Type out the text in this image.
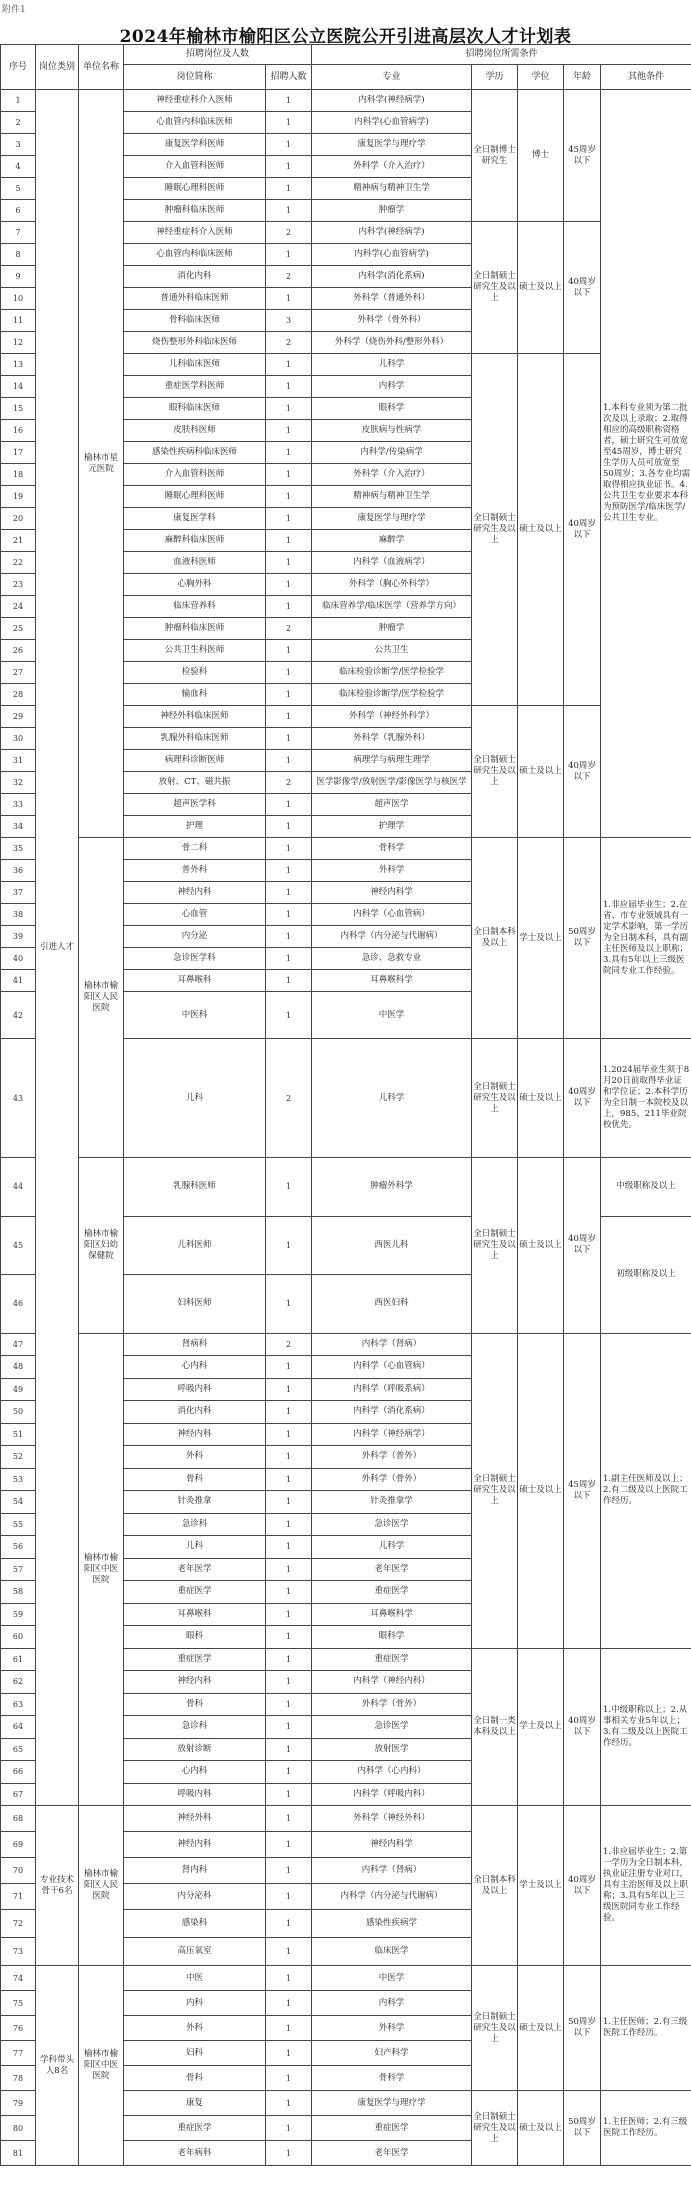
附件1
2024年榆林市榆阳区公立医院公开引进高层次人才计划表
序号	岗位类别	单位名称	招聘岗位及人数		招聘岗位所需条件				
			岗位简称	招聘人数	专业	学历	学位	年龄	其他条件
1	引进人才	榆林市星元医院	神经重症科介入医师	1	内科学(神经病学)	全日制博士研究生	博士	45周岁以下	1.本科专业须为第二批次及以上录取；2.取得相应的高级职称资格者，硕士研究生可放宽至45周岁，博士研究生学历人员可放宽至50周岁；3.各专业均需取得相应执业证书。4.公共卫生专业要求本科为预防医学/临床医学/公共卫生专业。
2			心血管内科临床医师	1	内科学(心血管病学)				
3			康复医学科医师	1	康复医学与理疗学				
4			介入血管科医师	1	外科学（介入治疗）				
5			睡眠心理科医师	1	精神病与精神卫生学				
6			肿瘤科临床医师	1	肿瘤学				
7			神经重症科介入医师	2	内科学(神经病学)	全日制硕士研究生及以上	硕士及以上	40周岁以下	
8			心血管内科临床医师	1	内科学(心血管病学)				
9			消化内科	2	内科学(消化系病)				
10			普通外科临床医师	1	外科学（普通外科）				
11			骨科临床医师	3	外科学（骨外科）				
12			烧伤整形外科临床医师	2	外科学（烧伤外科/整形外科）				
13			儿科临床医师	1	儿科学	全日制硕士研究生及以上	硕士及以上	40周岁以下	
14			重症医学科医师	1	内科学				
15			眼科临床医师	1	眼科学				
16			皮肤科医师	1	皮肤病与性病学				
17			感染性疾病科临床医师	1	内科学/传染病学				
18			介入血管科医师	1	外科学（介入治疗）				
19			睡眠心理科医师	1	精神病与精神卫生学				
20			康复医学科	1	康复医学与理疗学				
21			麻醉科临床医师	1	麻醉学				
22			血液科医师	1	内科学（血液病学）				
23			心胸外科	1	外科学（胸心外科学）				
24			临床营养科	1	临床营养学/临床医学（营养学方向）				
25			肿瘤科临床医师	2	肿瘤学				
26			公共卫生科医师	1	公共卫生				
27			检验科	1	临床检验诊断学/医学检验学				
28			输血科	1	临床检验诊断学/医学检验学				
29			神经外科临床医师	1	外科学（神经外科学）	全日制硕士研究生及以上	硕士及以上	40周岁以下	
30			乳腺外科临床医师	1	外科学（乳腺外科）				
31			病理科诊断医师	1	病理学与病理生理学				
32			放射、CT、磁共振	2	医学影像学/放射医学/影像医学与核医学				
33			超声医学科	1	超声医学				
34			护理	1	护理学				
35		榆林市榆阳区人民医院	骨二科	1	骨科学	全日制本科及以上	学士及以上	50周岁以下	1.非应届毕业生；2.在省、市专业领域具有一定学术影响，第一学历为全日制本科，具有副主任医师及以上职称；3.具有5年以上三级医院同专业工作经验。
36			普外科	1	外科学				
37			神经内科	1	神经内科学				
38			心血管	1	内科学（心血管病）				
39			内分泌	1	内科学（内分泌与代谢病）				
40			急诊医学科	1	急诊、急救专业				
41			耳鼻喉科	1	耳鼻喉科学				
42			中医科	1	中医学				
43			儿科	2	儿科学	全日制硕士研究生及以上	硕士及以上	40周岁以下	1.2024届毕业生须于8月20日前取得毕业证和学位证；2.本科学历为全日制一本院校及以上，985、211毕业院校优先。
44		榆林市榆阳区妇幼保健院	乳腺科医师	1	肿瘤外科学	全日制硕士研究生及以上	硕士及以上	40周岁以下	中级职称及以上
45			儿科医师	1	西医儿科				初级职称及以上
46			妇科医师	1	西医妇科				
47		榆林市榆阳区中医医院	肾病科	2	内科学（肾病）	全日制硕士研究生及以上	硕士及以上	45周岁以下	1.副主任医师及以上；2.有二级及以上医院工作经历。
48			心内科	1	内科学（心血管病）				
49			呼吸内科	1	内科学（呼吸系病）				
50			消化内科	1	内科学（消化系病）				
51			神经内科	1	内科学（神经病学）				
52			外科	1	外科学（普外）				
53			骨科	1	外科学（骨外）				
54			针灸推拿	1	针灸推拿学				
55			急诊科	1	急诊医学				
56			儿科	1	儿科学				
57			老年医学	1	老年医学				
58			重症医学	1	重症医学				
59			耳鼻喉科	1	耳鼻喉科学				
60			眼科	1	眼科学				
61			重症医学	1	重症医学	全日制一类本科及以上	学士及以上	40周岁以下	1.中级职称以上；2.从事相关专业5年以上；3.有二级及以上医院工作经历。
62			神经内科	1	内科学（神经内科）				
63			骨科	1	外科学（骨外）				
64			急诊科	1	急诊医学				
65			放射诊断	1	放射医学				
66			心内科	1	内科学（心内科）				
67			呼吸内科	1	内科学（呼吸内科）				
68	专业技术骨干6名	榆林市榆阳区人民医院	神经外科	1	外科学（神经外科）	全日制本科及以上	学士及以上	40周岁以下	1.非应届毕业生；2.第一学历为全日制本科，执业证注册专业对口，具有主治医师及以上职称；3.具有5年以上三级医院同专业工作经验。
69			神经内科	1	神经内科学				
70			肾内科	1	内科学（肾病）				
71			内分泌科	1	内科学（内分泌与代谢病）				
72			感染科	1	感染性疾病学				
73			高压氧室	1	临床医学				
74	学科带头人8名	榆林市榆阳区中医医院	中医	1	中医学	全日制硕士研究生及以上	硕士及以上	50周岁以下	1.主任医师；2.有三级医院工作经历。
75			内科	1	内科学				
76			外科	1	外科学				
77			妇科	1	妇产科学				
78			骨科	1	骨科学				
79			康复	1	康复医学与理疗学	全日制硕士研究生及以上	硕士及以上	50周岁以下	1.主任医师；2.有三级医院工作经历。
80			重症医学	1	重症医学				
81			老年病科	1	老年医学				
